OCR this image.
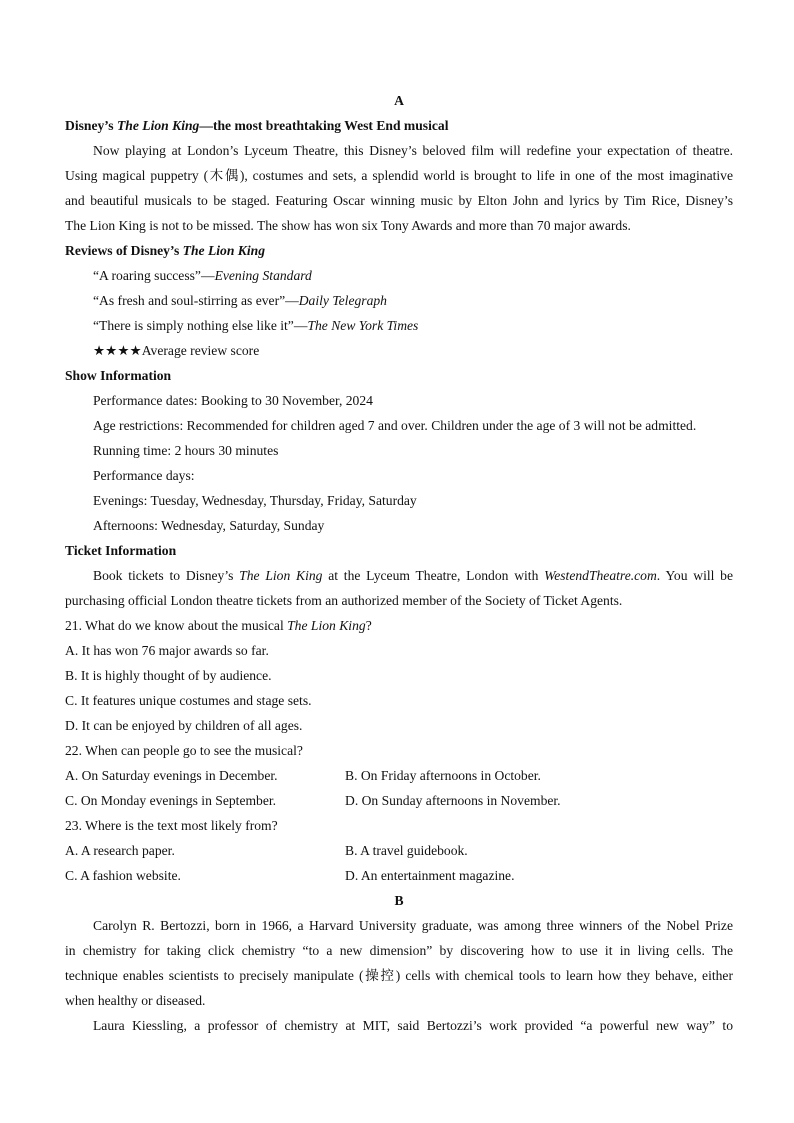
A
Disney’s The Lion King—the most breathtaking West End musical
Now playing at London’s Lyceum Theatre, this Disney’s beloved film will redefine your expectation of theatre.
Using magical puppetry (木偶), costumes and sets, a splendid world is brought to life in one of the most imaginative
and beautiful musicals to be staged. Featuring Oscar winning music by Elton John and lyrics by Tim Rice, Disney’s
The Lion King is not to be missed. The show has won six Tony Awards and more than 70 major awards.
Reviews of Disney’s The Lion King
“A roaring success”—Evening Standard
“As fresh and soul-stirring as ever”—Daily Telegraph
“There is simply nothing else like it”—The New York Times
★★★★Average review score
Show Information
Performance dates: Booking to 30 November, 2024
Age restrictions: Recommended for children aged 7 and over. Children under the age of 3 will not be admitted.
Running time: 2 hours 30 minutes
Performance days:
Evenings: Tuesday, Wednesday, Thursday, Friday, Saturday
Afternoons: Wednesday, Saturday, Sunday
Ticket Information
Book tickets to Disney’s The Lion King at the Lyceum Theatre, London with WestendTheatre.com. You will be
purchasing official London theatre tickets from an authorized member of the Society of Ticket Agents.
21. What do we know about the musical The Lion King?
A. It has won 76 major awards so far.
B. It is highly thought of by audience.
C. It features unique costumes and stage sets.
D. It can be enjoyed by children of all ages.
22. When can people go to see the musical?
A. On Saturday evenings in December.	B. On Friday afternoons in October.
C. On Monday evenings in September.	D. On Sunday afternoons in November.
23. Where is the text most likely from?
A. A research paper.	B. A travel guidebook.
C. A fashion website.	D. An entertainment magazine.
B
Carolyn R. Bertozzi, born in 1966, a Harvard University graduate, was among three winners of the Nobel Prize
in chemistry for taking click chemistry “to a new dimension” by discovering how to use it in living cells. The
technique enables scientists to precisely manipulate (操控) cells with chemical tools to learn how they behave, either
when healthy or diseased.
Laura Kiessling, a professor of chemistry at MIT, said Bertozzi’s work provided “a powerful new way” to
